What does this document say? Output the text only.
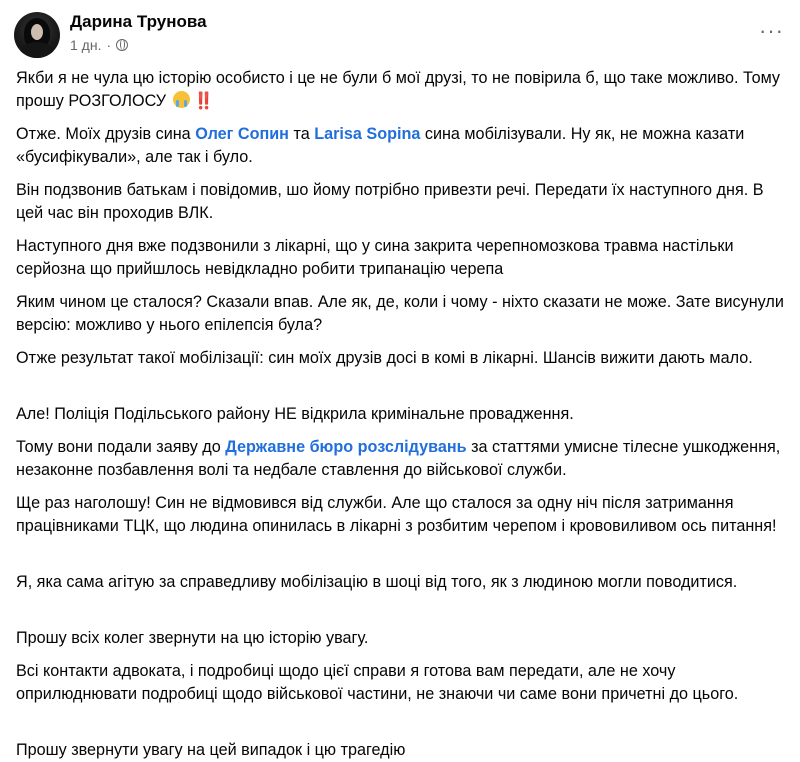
Дарина Трунова
1 дн. ·
···

Якби я не чула цю історію особисто і це не були б мої друзі, то не повірила б, що таке можливо. Тому прошу РОЗГОЛОСУ ‼️

Отже. Моїх друзів сина Олег Сопин та Larisa Sopina сина мобілізували. Ну як, не можна казати «бусифікували», але так і було.

Він подзвонив батькам і повідомив, шо йому потрібно привезти речі. Передати їх наступного дня. В цей час він проходив ВЛК.

Наступного дня вже подзвонили з лікарні, що у сина закрита черепномозкова травма настільки серйозна що прийшлось невідкладно робити трипанацію черепа

Яким чином це сталося? Сказали впав. Але як, де, коли і чому - ніхто сказати не може. Зате висунули версію: можливо у нього епілепсія була?

Отже результат такої мобілізації: син моїх друзів досі в комі в лікарні. Шансів вижити дають мало.

Але! Поліція Подільського району НЕ відкрила кримінальне провадження.

Тому вони подали заяву до Державне бюро розслідувань за статтями умисне тілесне ушкодження, незаконне позбавлення волі та недбале ставлення до військової служби.

Ще раз наголошу! Син не відмовився від служби. Але що сталося за одну ніч після затримання працівниками ТЦК, що людина опинилась в лікарні з розбитим черепом і крововиливом ось питання!

Я, яка сама агітую за справедливу мобілізацію в шоці від того, як з людиною могли поводитися.

Прошу всіх колег звернути на цю історію увагу.

Всі контакти адвоката, і подробиці щодо цієї справи я готова вам передати, але не хочу оприлюднювати подробиці щодо військової частини, не знаючи чи саме вони причетні до цього.

Прошу звернути увагу на цей випадок і цю трагедію
